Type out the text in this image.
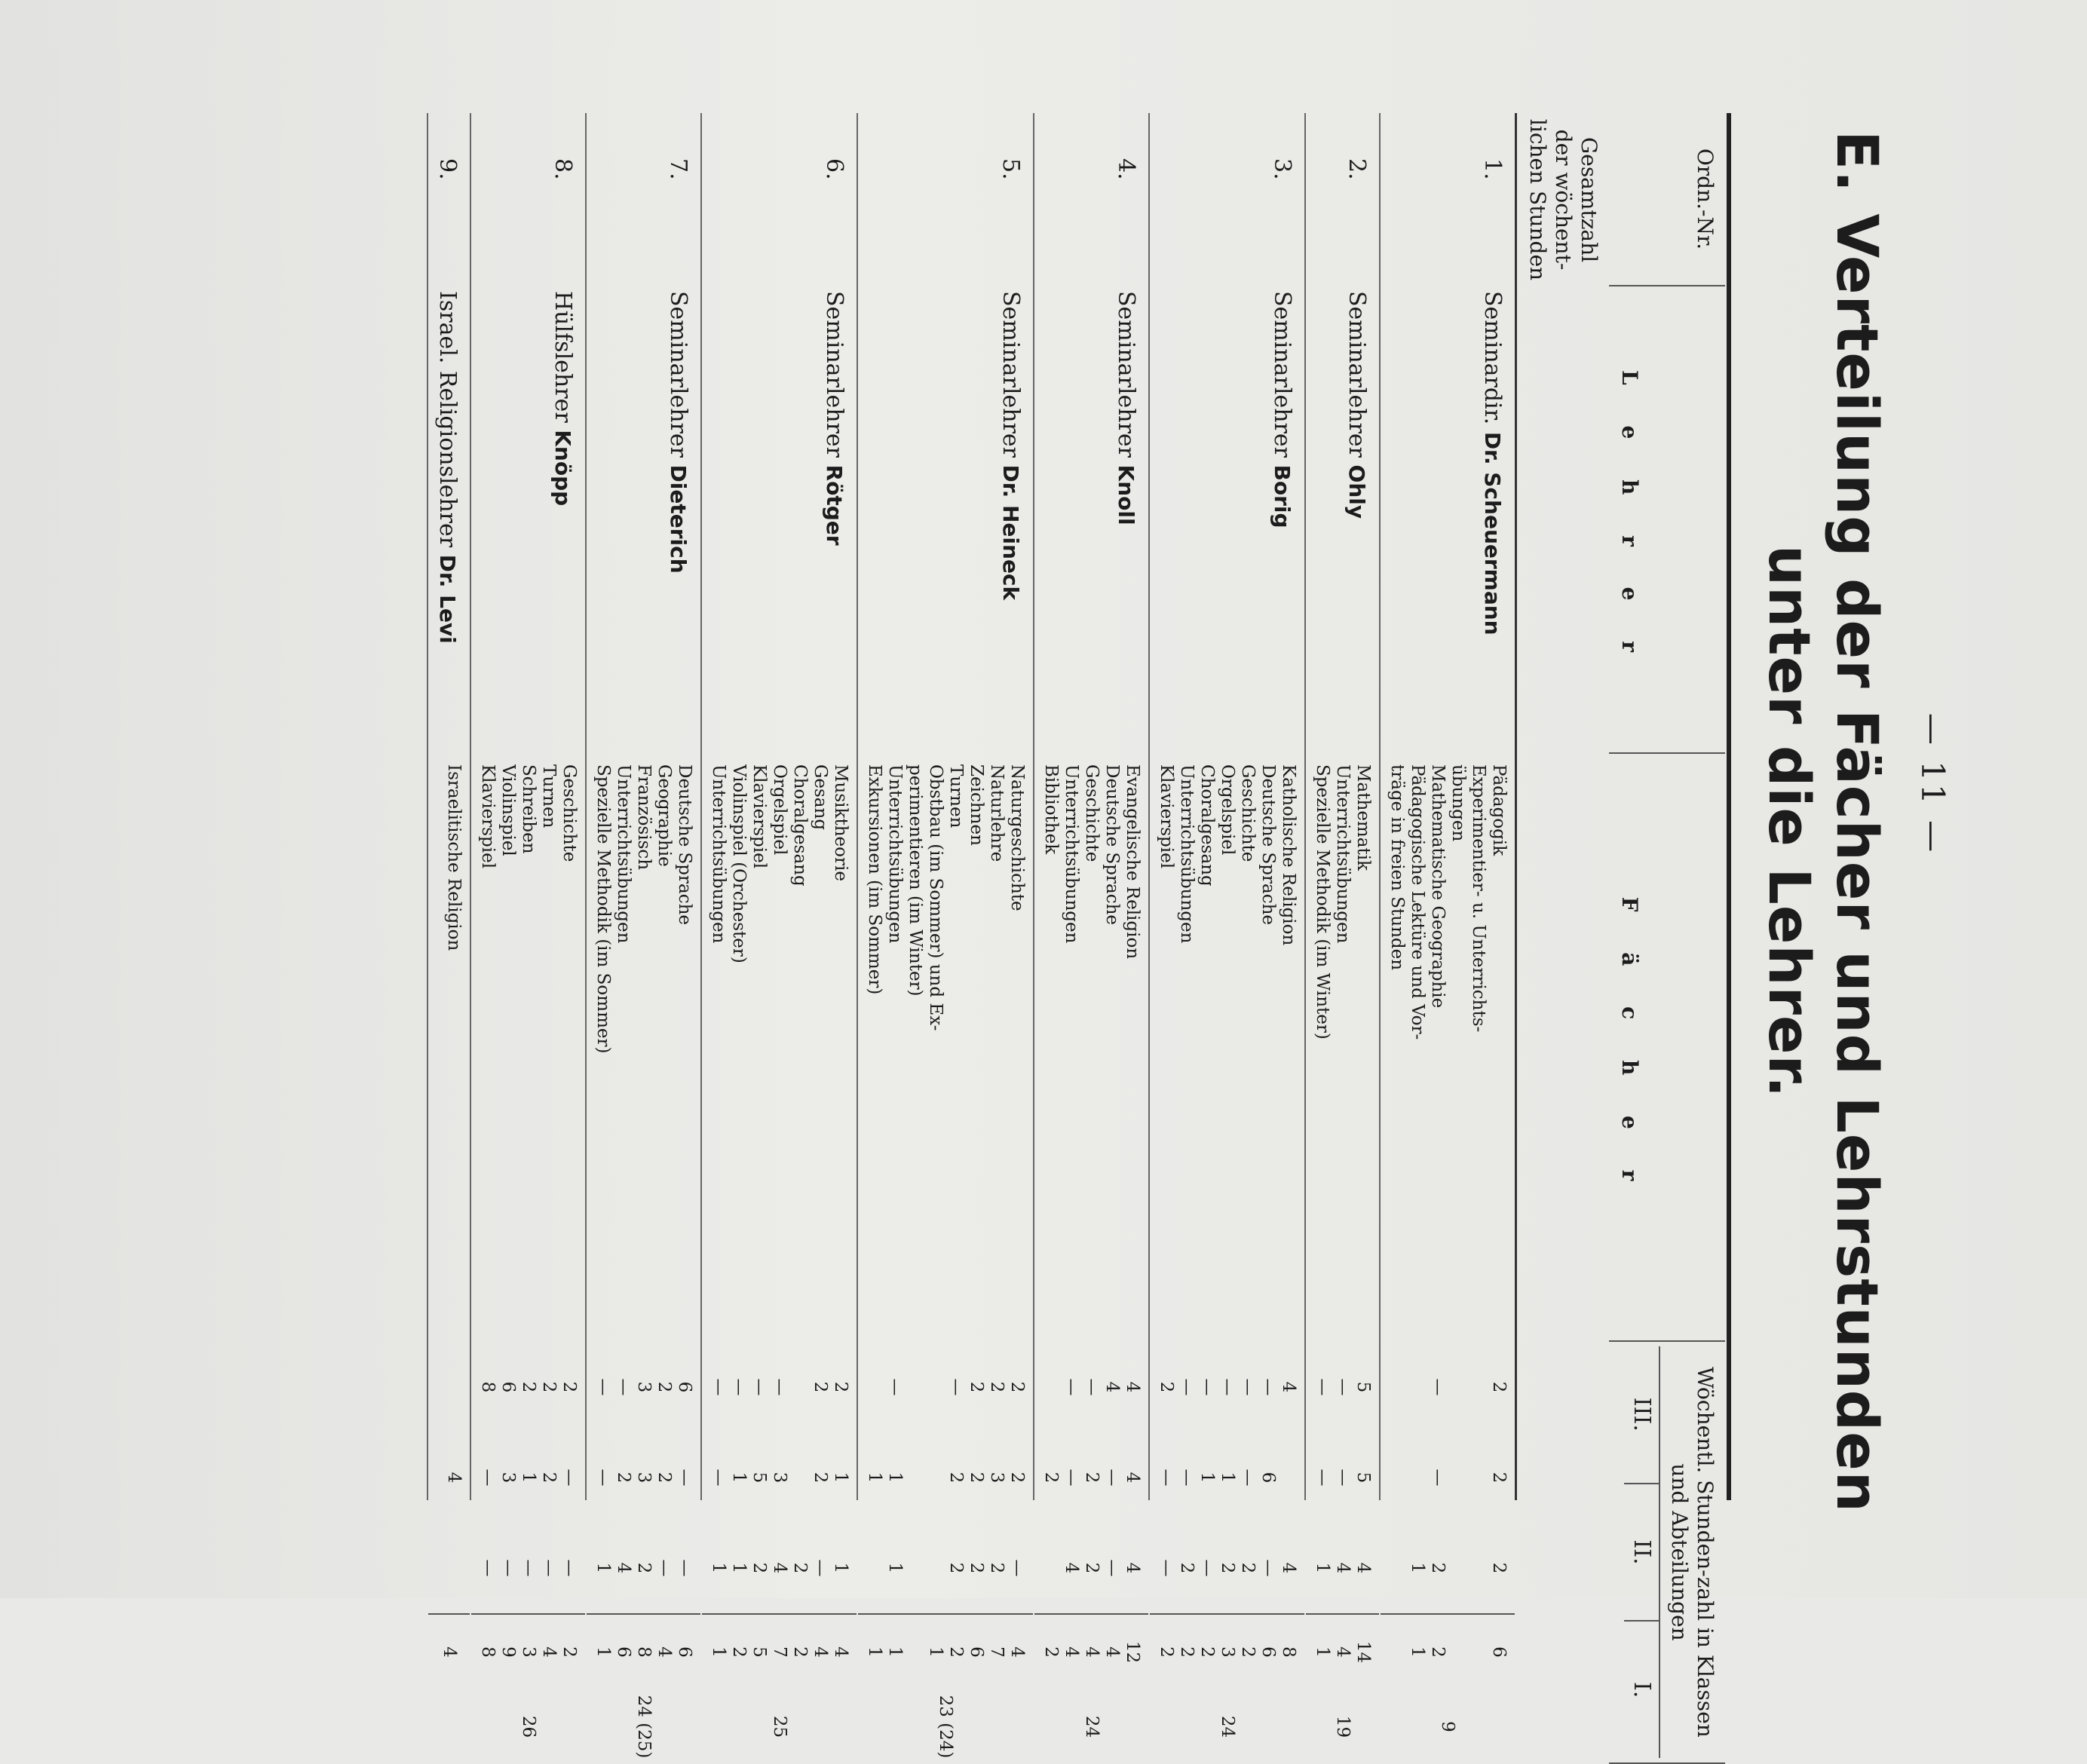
— 11 —
E. Verteilung der Fächer und Lehrstunden
unter die Lehrer.
Ordn.-Nr.
L e h r e r
F ä c h e r
Wöchentl. Stunden-zahl in Klassen und Abteilungen
III.
II.
I.
Gesamtzahl der wöchent-lichen Stunden
1.
Seminardir. Dr. Scheuermann
Pädagogik
Experimentier- u. Unterrichts-
übungen
Mathematische Geographie
Pädagogische Lektüre und Vor-
träge in freien Stunden
2

—

2

—

2

2
1

6

2
1

9
2.
Seminarlehrer Ohly
Mathematik
Unterrichtsübungen
Spezielle Methodik (im Winter)
5
—
—
5
—
—
4
4
1
14
4
1
19
3.
Seminarlehrer Borig
Katholische Religion
Deutsche Sprache
Geschichte
Orgelspiel
Choralgesang
Unterrichtsübungen
Klavierspiel
4
—
—
—
—
—
2

6
—
1
1
—
—
4
—
2
2
—
2
—
8
6
2
3
2
2
2
24
4.
Seminarlehrer Knoll
Evangelische Religion
Deutsche Sprache
Geschichte
Unterrichtsübungen
Bibliothek
4
4
—
—

4
—
2
—
2
4
—
2
4

12
4
4
4
2
24
5.
Seminarlehrer Dr. Heineck
Naturgeschichte
Naturlehre
Zeichnen
Turnen
Obstbau (im Sommer) und Ex-
perimentieren (im Winter)
Unterrichtsübungen
Exkursionen (im Sommer)
2
2
2
—

—

2
3
2
2

1
1
—
2
2
2

1

4
7
6
2
1

1
1
23 (24)
6.
Seminarlehrer Rötger
Musiktheorie
Gesang
Choralgesang
Orgelspiel
Klavierspiel
Violinspiel (Orchester)
Unterrichtsübungen
2
2

—
—
—
—
1
2

3
5
1
—
1
—
2
4
2
1
1
4
4
2
7
5
2
1
25
7.
Seminarlehrer Dieterich
Deutsche Sprache
Geographie
Französisch
Unterrichtsübungen
Spezielle Methodik (im Sommer)
6
2
3
—
—
—
2
3
2
—
—
—
2
4
1
6
4
8
6
1
24 (25)
8.
Hülfslehrer Knöpp
Geschichte
Turnen
Schreiben
Violinspiel
Klavierspiel
2
2
2
6
8
—
2
1
3
—
—
—
—
—
—
2
4
3
9
8
26
9.
Israel. Religionslehrer Dr. Levi
Israelitische Religion

4

4
